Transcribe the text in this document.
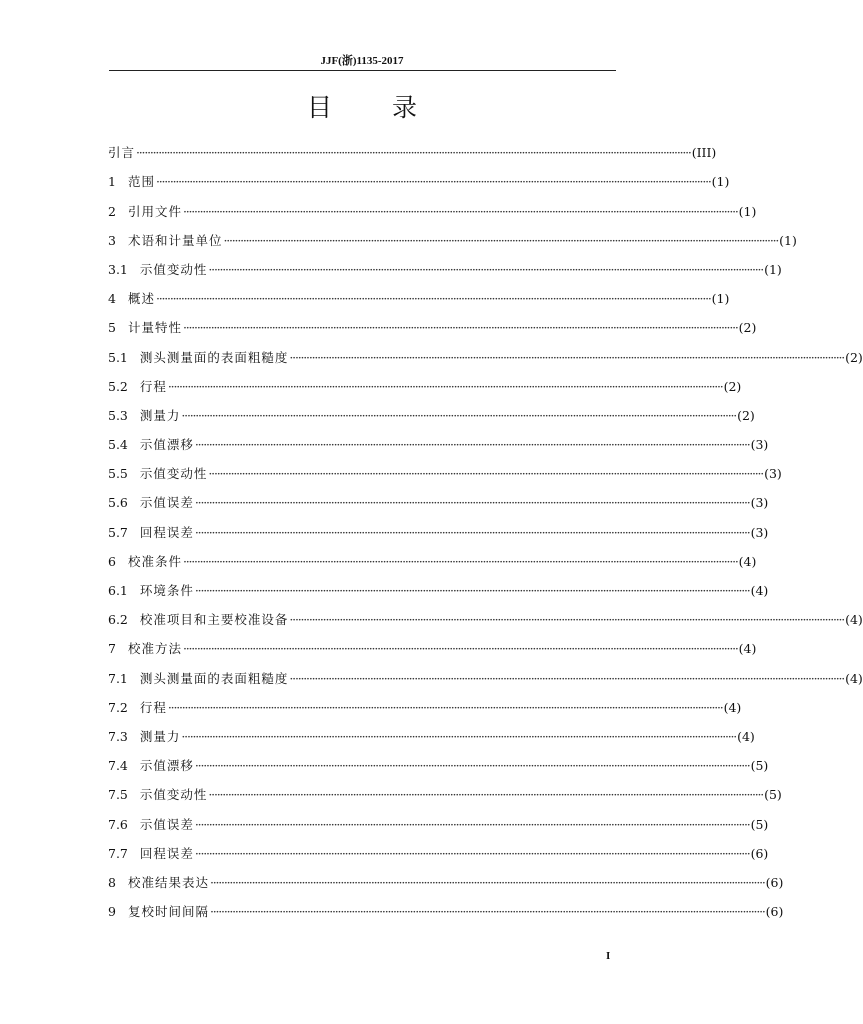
JJF(浙)1135-2017
目录
引言 ········································································································································································································ (III)
1 范围 ········································································································································································································ (1)
2 引用文件 ········································································································································································································ (1)
3 术语和计量单位 ········································································································································································································ (1)
3.1 示值变动性 ········································································································································································································ (1)
4 概述 ········································································································································································································ (1)
5 计量特性 ········································································································································································································ (2)
5.1 测头测量面的表面粗糙度 ········································································································································································································ (2)
5.2 行程 ········································································································································································································ (2)
5.3 测量力 ········································································································································································································ (2)
5.4 示值漂移 ········································································································································································································ (3)
5.5 示值变动性 ········································································································································································································ (3)
5.6 示值误差 ········································································································································································································ (3)
5.7 回程误差 ········································································································································································································ (3)
6 校准条件 ········································································································································································································ (4)
6.1 环境条件 ········································································································································································································ (4)
6.2 校准项目和主要校准设备 ········································································································································································································ (4)
7 校准方法 ········································································································································································································ (4)
7.1 测头测量面的表面粗糙度 ········································································································································································································ (4)
7.2 行程 ········································································································································································································ (4)
7.3 测量力 ········································································································································································································ (4)
7.4 示值漂移 ········································································································································································································ (5)
7.5 示值变动性 ········································································································································································································ (5)
7.6 示值误差 ········································································································································································································ (5)
7.7 回程误差 ········································································································································································································ (6)
8 校准结果表达 ········································································································································································································ (6)
9 复校时间间隔 ········································································································································································································ (6)
I
